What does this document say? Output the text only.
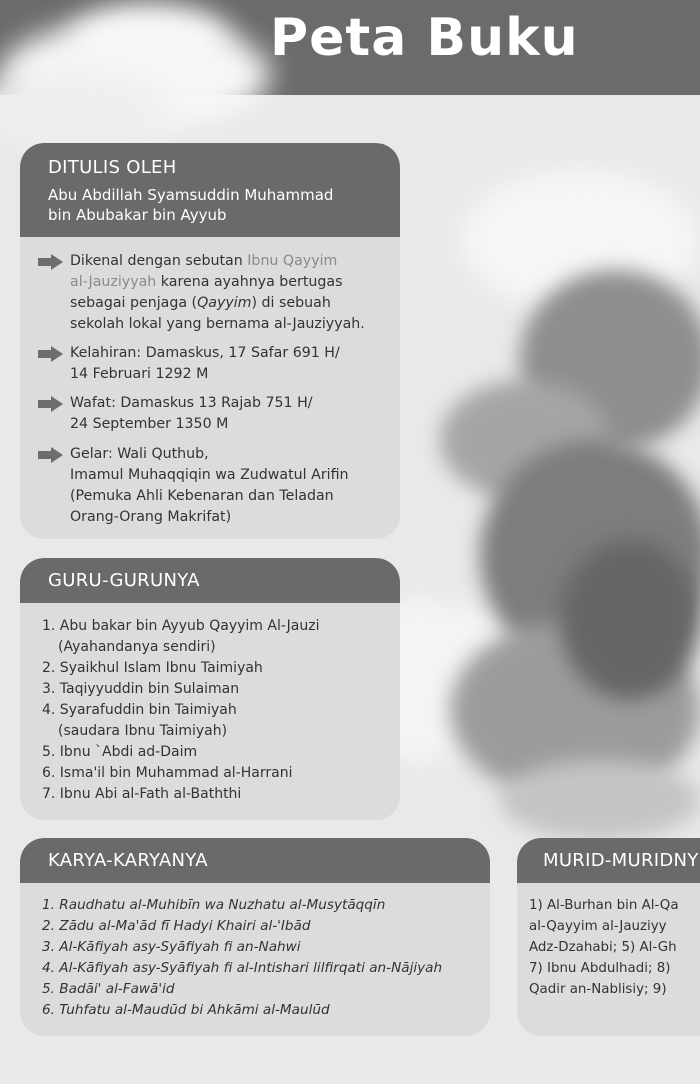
Peta Buku
DITULIS OLEH
Abu Abdillah Syamsuddin Muhammad
bin Abubakar bin Ayyub
Dikenal dengan sebutan Ibnu Qayyim
al-Jauziyyah karena ayahnya bertugas
sebagai penjaga (Qayyim) di sebuah
sekolah lokal yang bernama al-Jauziyyah.
Kelahiran: Damaskus, 17 Safar 691 H/
14 Februari 1292 M
Wafat: Damaskus 13 Rajab 751 H/
24 September 1350 M
Gelar: Wali Quthub,
Imamul Muhaqqiqin wa Zudwatul Arifin
(Pemuka Ahli Kebenaran dan Teladan
Orang-Orang Makrifat)
GURU-GURUNYA
1. Abu bakar bin Ayyub Qayyim Al-Jauzi
(Ayahandanya sendiri)
2. Syaikhul Islam Ibnu Taimiyah
3. Taqiyyuddin bin Sulaiman
4. Syarafuddin bin Taimiyah
(saudara Ibnu Taimiyah)
5. Ibnu `Abdi ad-Daim
6. Isma'il bin Muhammad al-Harrani
7. Ibnu Abi al-Fath al-Baththi
KARYA-KARYANYA
1. Raudhatu al-Muhibīn wa Nuzhatu al-Musytāqqīn
2. Zādu al-Ma'ād fī Hadyi Khairi al-'Ibād
3. Al-Kāfiyah asy-Syāfiyah fi an-Nahwi
4. Al-Kāfiyah asy-Syāfiyah fi al-Intishari lilfirqati an-Nājiyah
5. Badāi' al-Fawā'id
6. Tuhfatu al-Maudūd bi Ahkāmi al-Maulūd
MURID-MURIDNY
1) Al-Burhan bin Al-Qa
al-Qayyim al-Jauziyy
Adz-Dzahabi; 5) Al-Gh
7) Ibnu Abdulhadi; 8)
Qadir an-Nablisiy; 9)
